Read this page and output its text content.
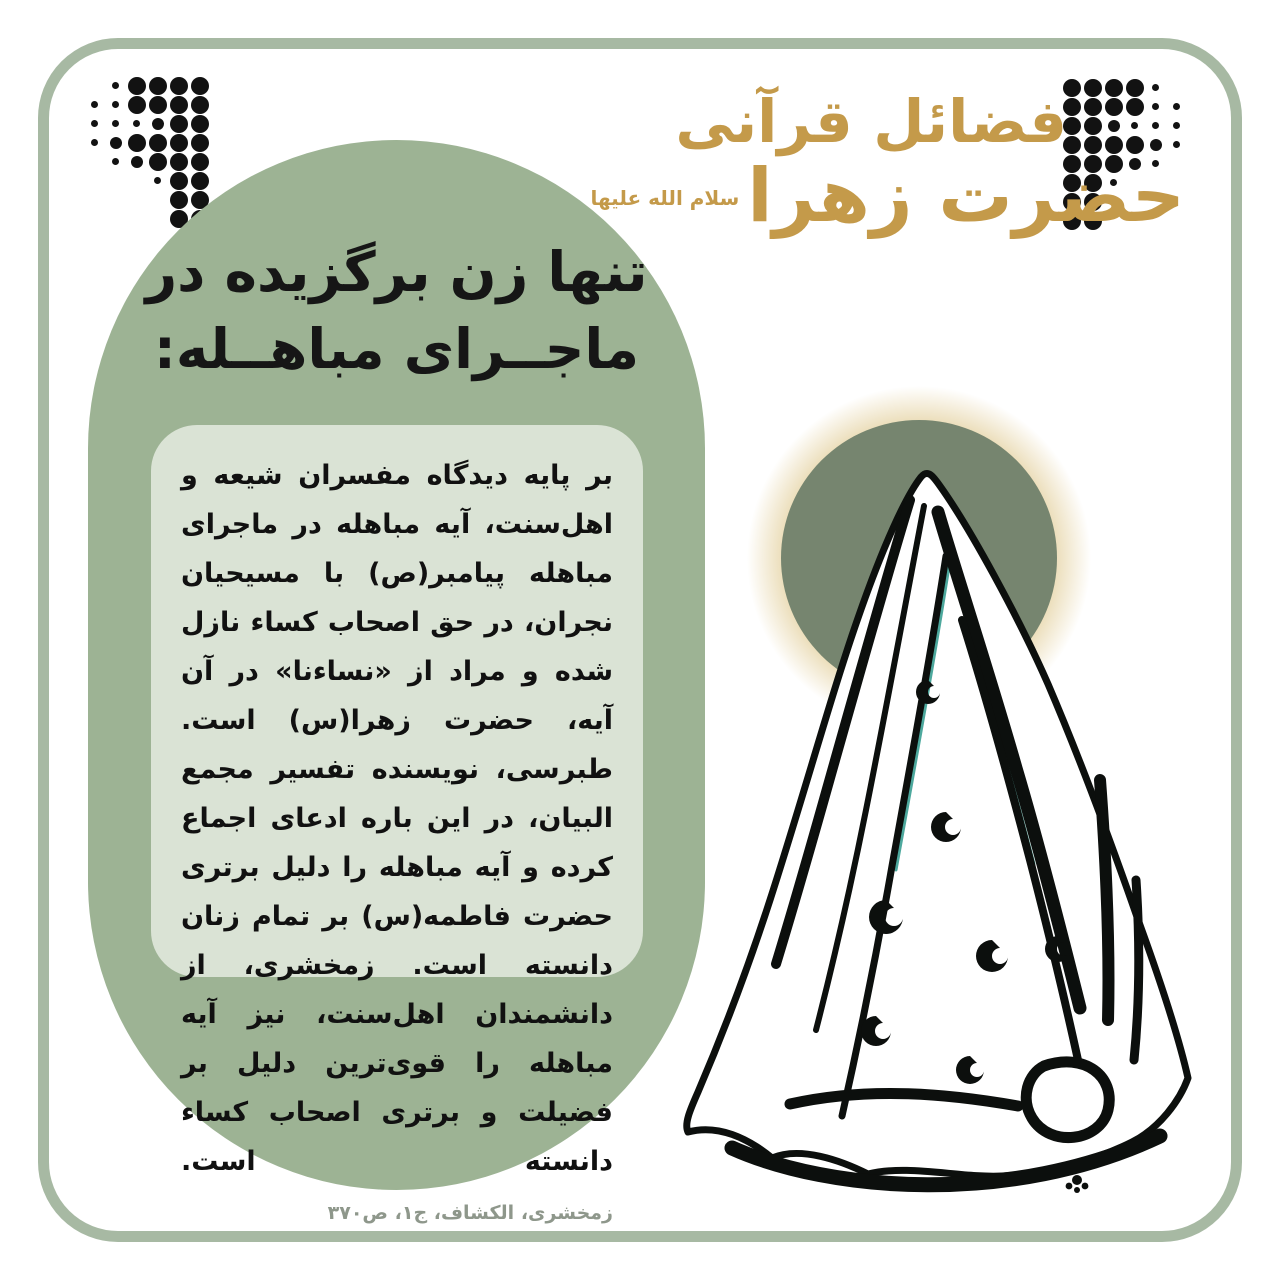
فضائل قرآنی
حضرت زهرا$^{سلام الله علیها}$
تنها زن برگزیده در
ماجــرای مباهــله:

بر پایه دیدگاه مفسران شیعه و اهل‌سنت، آیه مباهله در ماجرای مباهله پیامبر(ص) با مسیحیان نجران، در حق اصحاب کساء نازل شده و مراد از «نساءنا» در آن آیه، حضرت زهرا(س) است. طبرسی، نویسنده تفسیر مجمع البیان، در این باره ادعای اجماع کرده و آیه مباهله را دلیل برتری حضرت فاطمه(س) بر تمام زنان دانسته است. زمخشری، از دانشمندان اهل‌سنت، نیز آیه مباهله را قوی‌ترین دلیل بر فضیلت و برتری اصحاب کساء دانسته است. زمخشری، الکشاف، ج۱، ص۳۷۰
